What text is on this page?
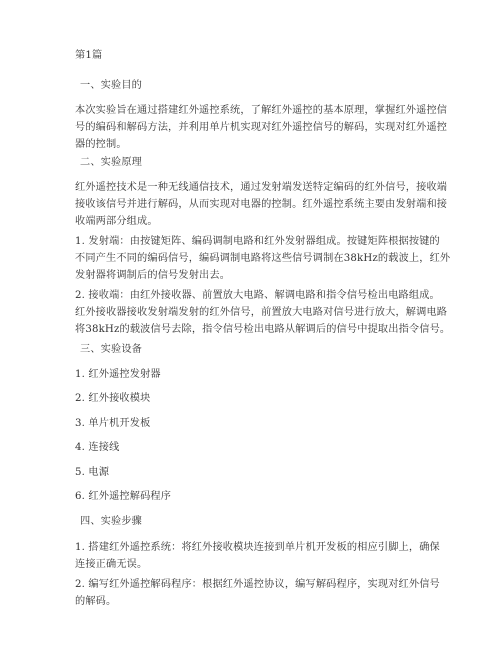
第1篇
一、实验目的
本次实验旨在通过搭建红外遥控系统，了解红外遥控的基本原理，掌握红外遥控信
号的编码和解码方法，并利用单片机实现对红外遥控信号的解码，实现对红外遥控
器的控制。
二、实验原理
红外遥控技术是一种无线通信技术，通过发射端发送特定编码的红外信号，接收端
接收该信号并进行解码，从而实现对电器的控制。红外遥控系统主要由发射端和接
收端两部分组成。
1. 发射端：由按键矩阵、编码调制电路和红外发射器组成。按键矩阵根据按键的
不同产生不同的编码信号，编码调制电路将这些信号调制在38kHz的载波上，红外
发射器将调制后的信号发射出去。
2. 接收端：由红外接收器、前置放大电路、解调电路和指令信号检出电路组成。
红外接收器接收发射端发射的红外信号，前置放大电路对信号进行放大，解调电路
将38kHz的载波信号去除，指令信号检出电路从解调后的信号中提取出指令信号。
三、实验设备
1. 红外遥控发射器
2. 红外接收模块
3. 单片机开发板
4. 连接线
5. 电源
6. 红外遥控解码程序
四、实验步骤
1. 搭建红外遥控系统：将红外接收模块连接到单片机开发板的相应引脚上，确保
连接正确无误。
2. 编写红外遥控解码程序：根据红外遥控协议，编写解码程序，实现对红外信号
的解码。
